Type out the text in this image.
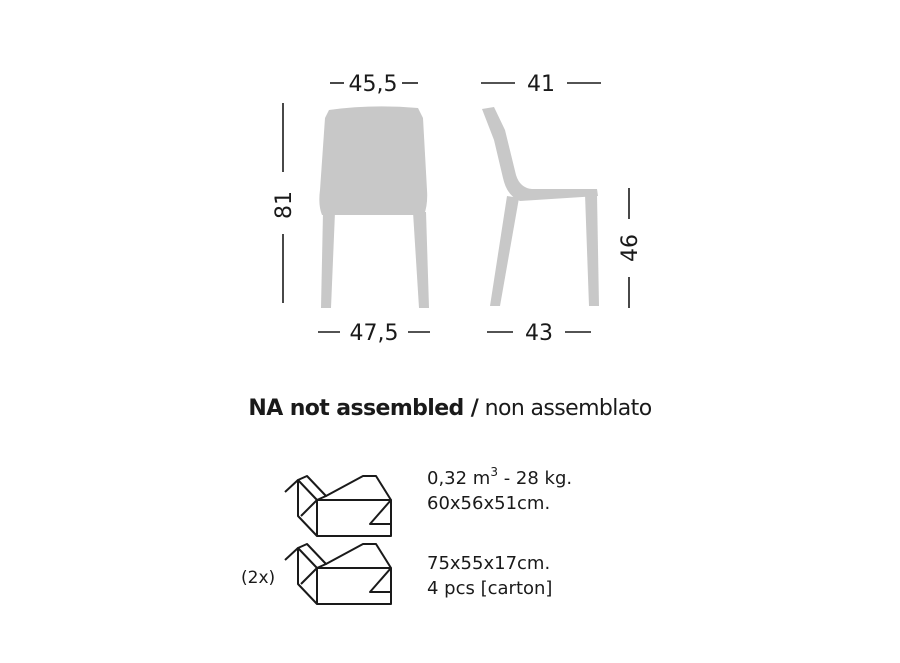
45,5	41
81
46
47,5	43
NA not assembled / non assemblato
0,32 $m^3 - 28$ kg.
60x56x51cm.
75x55x17cm.
4 pcs [carton]
(2x)
